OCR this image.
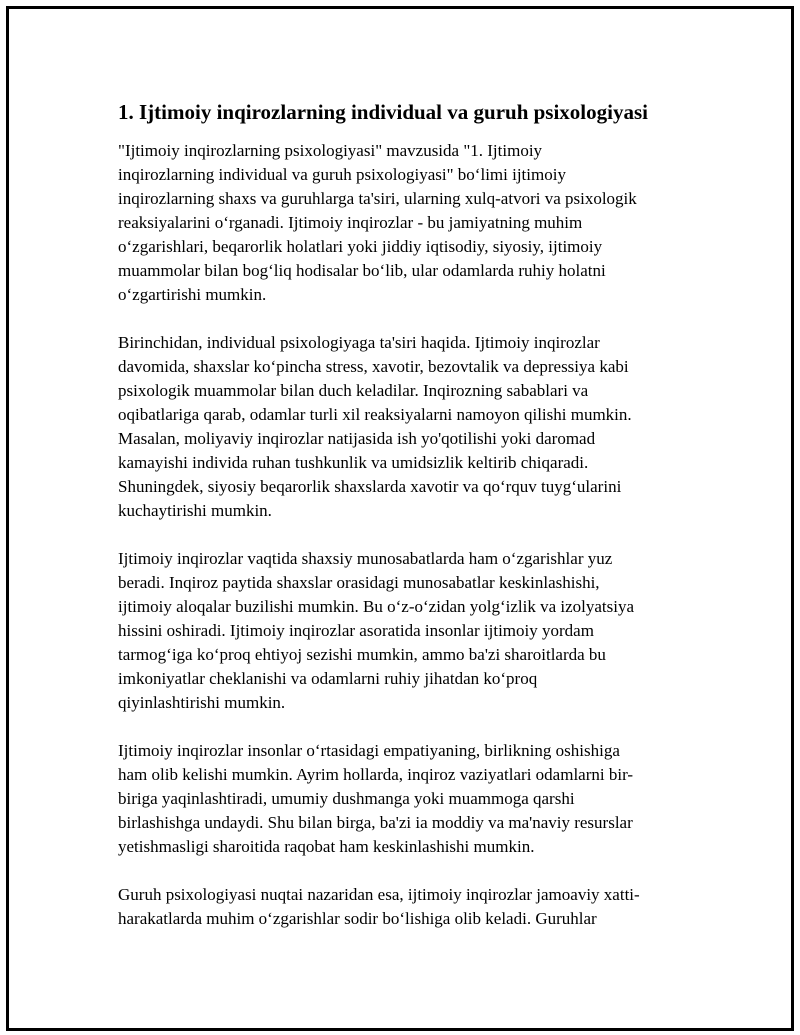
1. Ijtimoiy inqirozlarning individual va guruh psixologiyasi

"Ijtimoiy inqirozlarning psixologiyasi" mavzusida "1. Ijtimoiy
inqirozlarning individual va guruh psixologiyasi" boʻlimi ijtimoiy
inqirozlarning shaxs va guruhlarga ta'siri, ularning xulq-atvori va psixologik
reaksiyalarini oʻrganadi. Ijtimoiy inqirozlar - bu jamiyatning muhim
oʻzgarishlari, beqarorlik holatlari yoki jiddiy iqtisodiy, siyosiy, ijtimoiy
muammolar bilan bogʻliq hodisalar boʻlib, ular odamlarda ruhiy holatni
oʻzgartirishi mumkin.

Birinchidan, individual psixologiyaga ta'siri haqida. Ijtimoiy inqirozlar
davomida, shaxslar koʻpincha stress, xavotir, bezovtalik va depressiya kabi
psixologik muammolar bilan duch keladilar. Inqirozning sabablari va
oqibatlariga qarab, odamlar turli xil reaksiyalarni namoyon qilishi mumkin.
Masalan, moliyaviy inqirozlar natijasida ish yo'qotilishi yoki daromad
kamayishi individa ruhan tushkunlik va umidsizlik keltirib chiqaradi.
Shuningdek, siyosiy beqarorlik shaxslarda xavotir va qoʻrquv tuygʻularini
kuchaytirishi mumkin.

Ijtimoiy inqirozlar vaqtida shaxsiy munosabatlarda ham oʻzgarishlar yuz
beradi. Inqiroz paytida shaxslar orasidagi munosabatlar keskinlashishi,
ijtimoiy aloqalar buzilishi mumkin. Bu oʻz-oʻzidan yolgʻizlik va izolyatsiya
hissini oshiradi. Ijtimoiy inqirozlar asoratida insonlar ijtimoiy yordam
tarmogʻiga koʻproq ehtiyoj sezishi mumkin, ammo ba'zi sharoitlarda bu
imkoniyatlar cheklanishi va odamlarni ruhiy jihatdan koʻproq
qiyinlashtirishi mumkin.

Ijtimoiy inqirozlar insonlar oʻrtasidagi empatiyaning, birlikning oshishiga
ham olib kelishi mumkin. Ayrim hollarda, inqiroz vaziyatlari odamlarni bir-
biriga yaqinlashtiradi, umumiy dushmanga yoki muammoga qarshi
birlashishga undaydi. Shu bilan birga, ba'zi ia moddiy va ma'naviy resurslar
yetishmasligi sharoitida raqobat ham keskinlashishi mumkin.

Guruh psixologiyasi nuqtai nazaridan esa, ijtimoiy inqirozlar jamoaviy xatti-
harakatlarda muhim oʻzgarishlar sodir boʻlishiga olib keladi. Guruhlar
